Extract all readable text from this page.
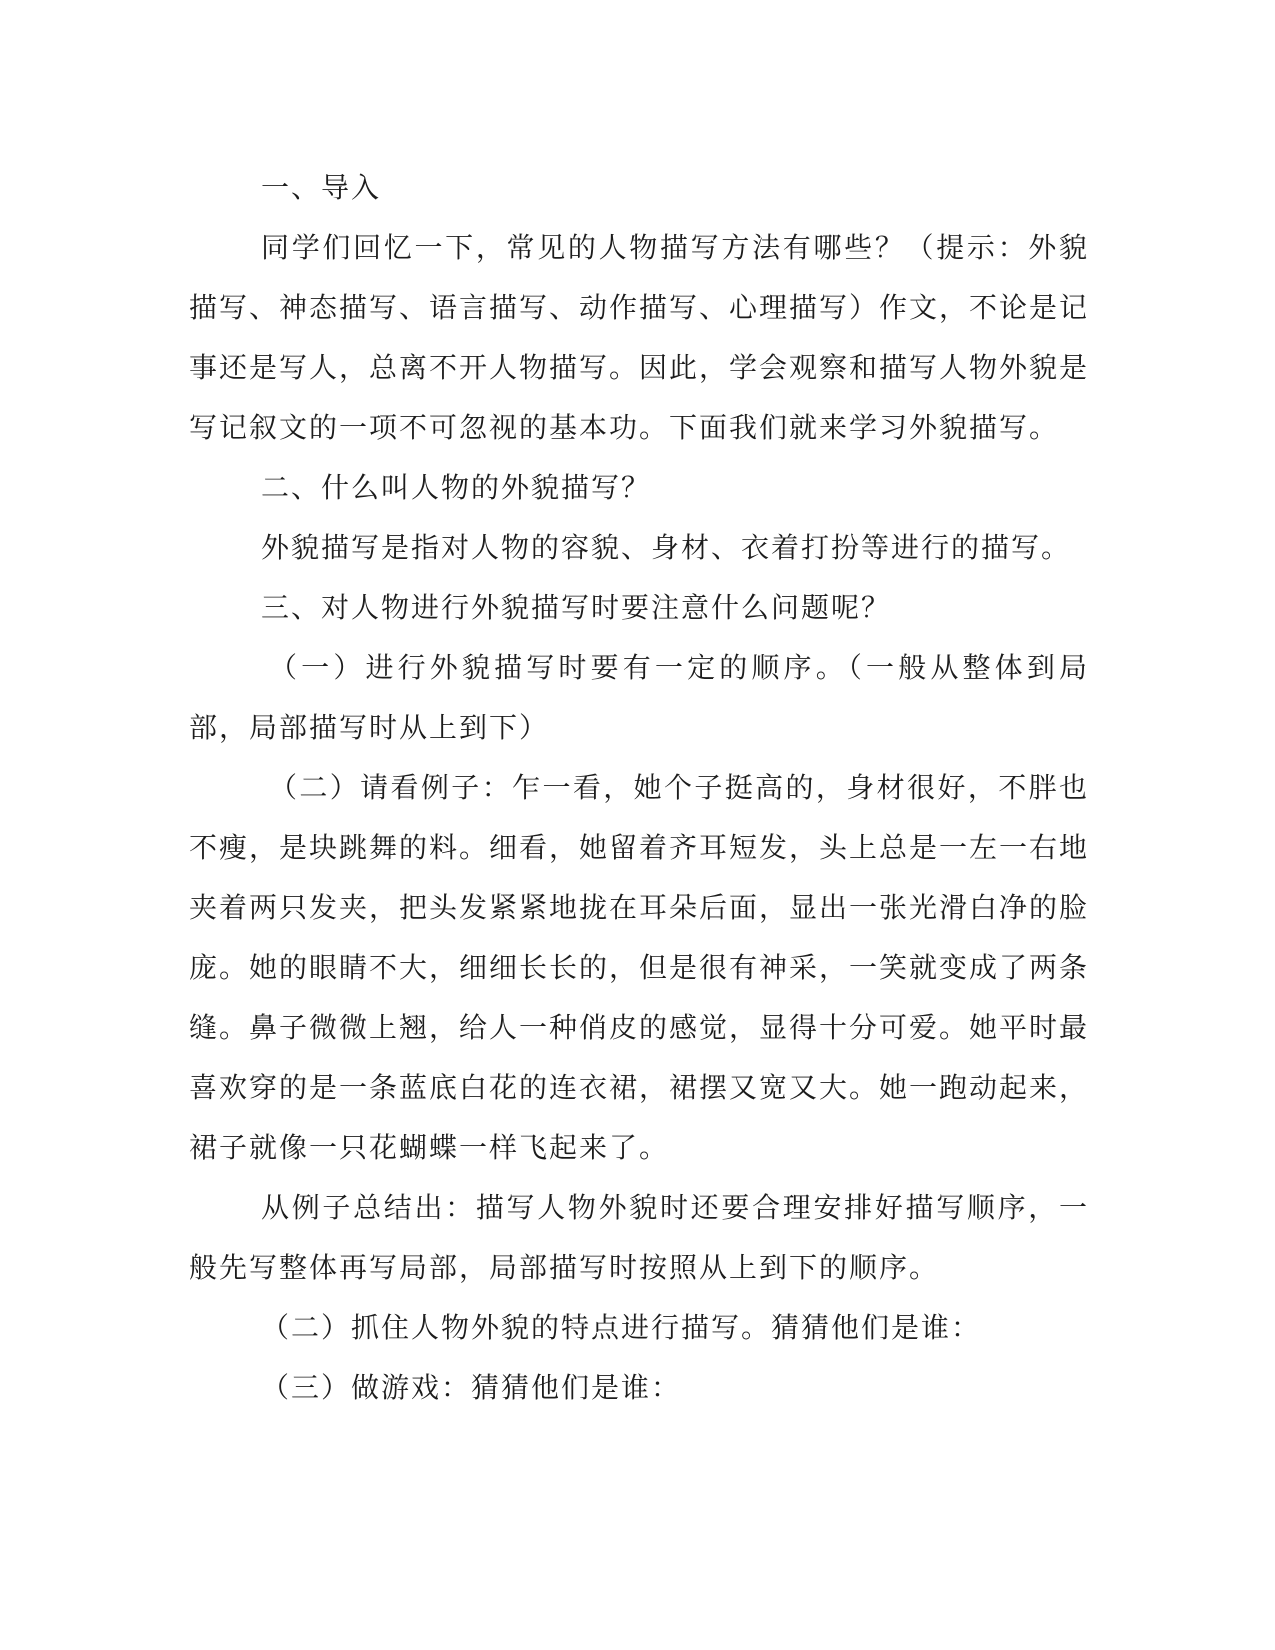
一、导入

同学们回忆一下，常见的人物描写方法有哪些？（提示：外貌描写、神态描写、语言描写、动作描写、心理描写）作文，不论是记事还是写人，总离不开人物描写。因此，学会观察和描写人物外貌是写记叙文的一项不可忽视的基本功。下面我们就来学习外貌描写。

二、什么叫人物的外貌描写？

外貌描写是指对人物的容貌、身材、衣着打扮等进行的描写。

三、对人物进行外貌描写时要注意什么问题呢？

（一）进行外貌描写时要有一定的顺序。（一般从整体到局部，局部描写时从上到下）

（二）请看例子：乍一看，她个子挺高的，身材很好，不胖也不瘦，是块跳舞的料。细看，她留着齐耳短发，头上总是一左一右地夹着两只发夹，把头发紧紧地拢在耳朵后面，显出一张光滑白净的脸庞。她的眼睛不大，细细长长的，但是很有神采，一笑就变成了两条缝。鼻子微微上翘，给人一种俏皮的感觉，显得十分可爱。她平时最喜欢穿的是一条蓝底白花的连衣裙，裙摆又宽又大。她一跑动起来，裙子就像一只花蝴蝶一样飞起来了。

从例子总结出：描写人物外貌时还要合理安排好描写顺序，一般先写整体再写局部，局部描写时按照从上到下的顺序。

（二）抓住人物外貌的特点进行描写。猜猜他们是谁：

（三）做游戏：猜猜他们是谁：
